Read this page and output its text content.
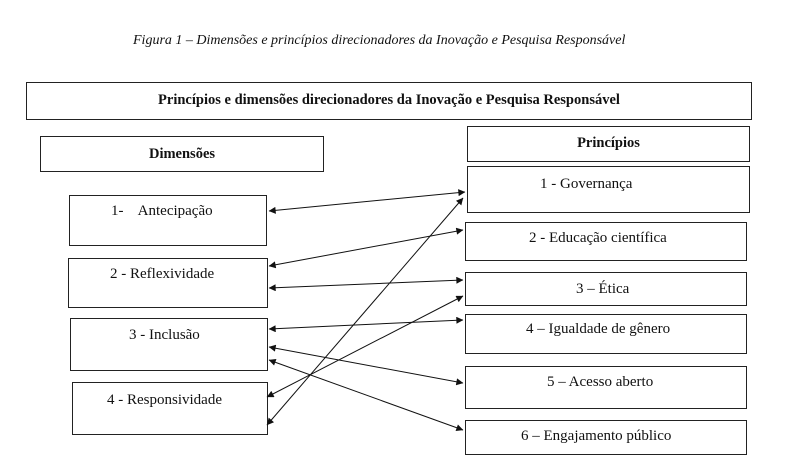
Figura 1 – Dimensões e princípios direcionadores da Inovação e Pesquisa Responsável
Princípios e dimensões direcionadores da Inovação e Pesquisa Responsável
Dimensões
Princípios
1-    Antecipação
2 - Reflexividade
3 - Inclusão
4 - Responsividade
1 - Governança
2 - Educação científica
3 – Ética
4 – Igualdade de gênero
5 – Acesso aberto
6 – Engajamento público
